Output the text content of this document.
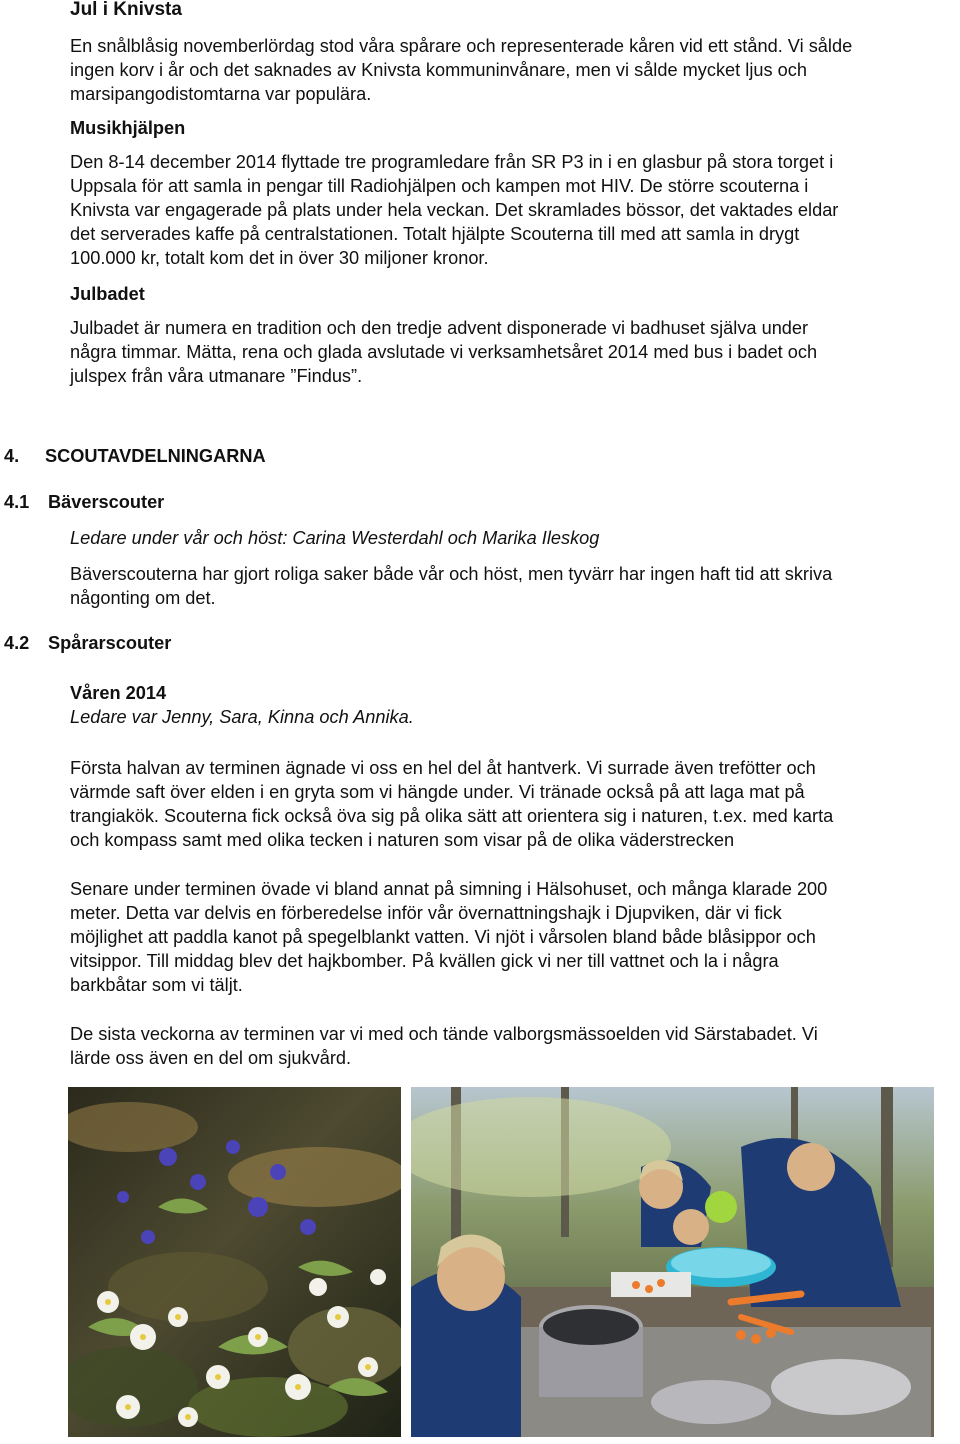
Jul i Knivsta
En snålblåsig novemberlördag stod våra spårare och representerade kåren vid ett stånd. Vi sålde
ingen korv i år och det saknades av Knivsta kommuninvånare, men vi sålde mycket ljus och
marsipangodistomtarna var populära.
Musikhjälpen
Den 8-14 december 2014 flyttade tre programledare från SR P3 in i en glasbur på stora torget i
Uppsala för att samla in pengar till Radiohjälpen och kampen mot HIV. De större scouterna i
Knivsta var engagerade på plats under hela veckan. Det skramlades bössor, det vaktades eldar
det serverades kaffe på centralstationen. Totalt hjälpte Scouterna till med att samla in drygt
100.000 kr, totalt kom det in över 30 miljoner kronor.
Julbadet
Julbadet är numera en tradition och den tredje advent disponerade vi badhuset själva under
några timmar. Mätta, rena och glada avslutade vi verksamhetsåret 2014 med bus i badet och
julspex från våra utmanare ”Findus”.
4. SCOUTAVDELNINGARNA
4.1 Bäverscouter
Ledare under vår och höst: Carina Westerdahl och Marika Ileskog
Bäverscouterna har gjort roliga saker både vår och höst, men tyvärr har ingen haft tid att skriva
någonting om det.
4.2 Spårarscouter
Våren 2014
Ledare var Jenny, Sara, Kinna och Annika.
Första halvan av terminen ägnade vi oss en hel del åt hantverk. Vi surrade även trefötter och
värmde saft över elden i en gryta som vi hängde under. Vi tränade också på att laga mat på
trangiakök. Scouterna fick också öva sig på olika sätt att orientera sig i naturen, t.ex. med karta
och kompass samt med olika tecken i naturen som visar på de olika väderstrecken
Senare under terminen övade vi bland annat på simning i Hälsohuset, och många klarade 200
meter. Detta var delvis en förberedelse inför vår övernattningshajk i Djupviken, där vi fick
möjlighet att paddla kanot på spegelblankt vatten. Vi njöt i vårsolen bland både blåsippor och
vitsippor. Till middag blev det hajkbomber. På kvällen gick vi ner till vattnet och la i några
barkbåtar som vi täljt.
De sista veckorna av terminen var vi med och tände valborgsmässoelden vid Särstabadet. Vi
lärde oss även en del om sjukvård.
